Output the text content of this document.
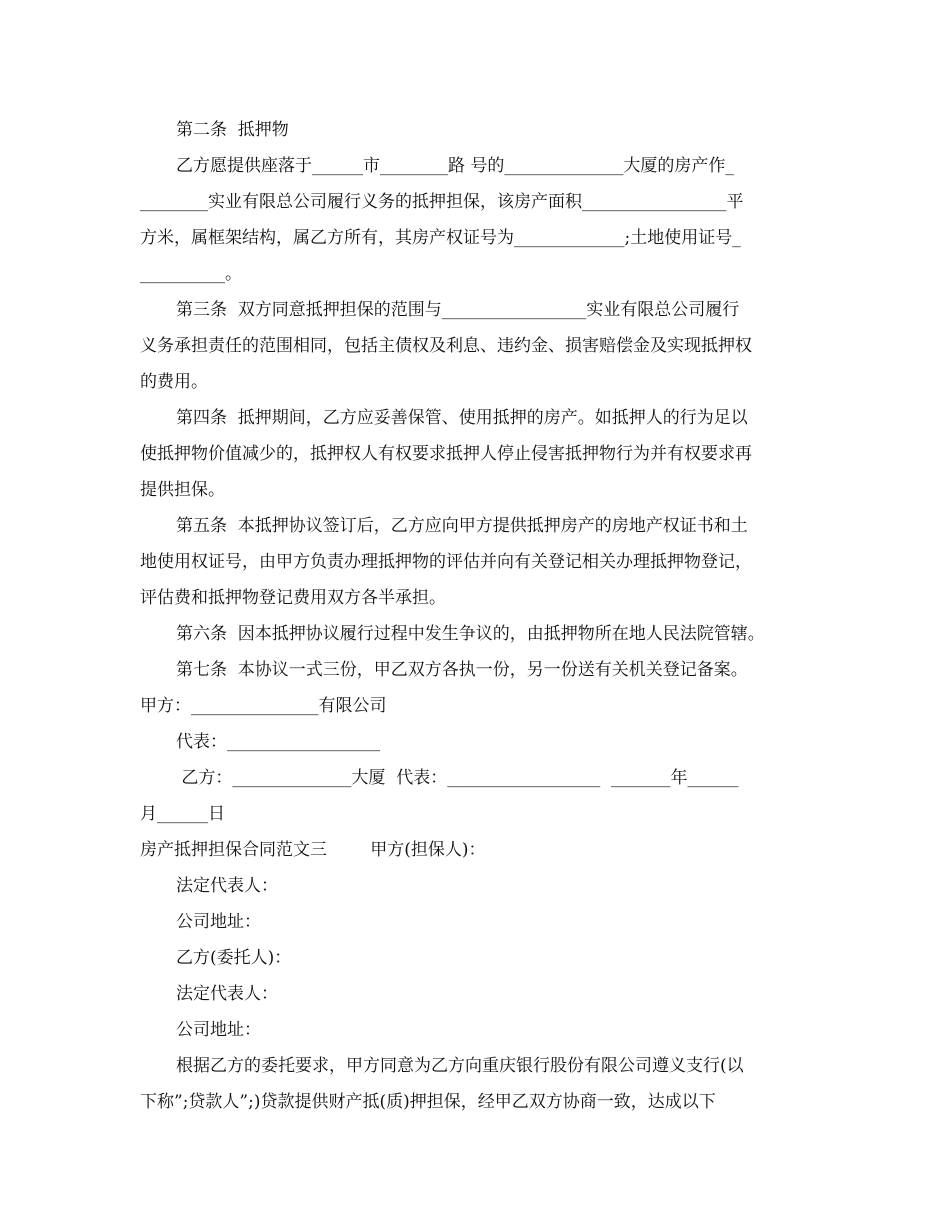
第二条  抵押物

乙方愿提供座落于______市________路 号的______________大厦的房产作_

________实业有限总公司履行义务的抵押担保，该房产面积_________________平

方米，属框架结构，属乙方所有，其房产权证号为_____________;土地使用证号_

__________。

第三条  双方同意抵押担保的范围与_________________实业有限总公司履行

义务承担责任的范围相同，包括主债权及利息、违约金、损害赔偿金及实现抵押权

的费用。

第四条  抵押期间，乙方应妥善保管、使用抵押的房产。如抵押人的行为足以

使抵押物价值减少的，抵押权人有权要求抵押人停止侵害抵押物行为并有权要求再

提供担保。

第五条  本抵押协议签订后，乙方应向甲方提供抵押房产的房地产权证书和土

地使用权证号，由甲方负责办理抵押物的评估并向有关登记相关办理抵押物登记，

评估费和抵押物登记费用双方各半承担。

第六条  因本抵押协议履行过程中发生争议的，由抵押物所在地人民法院管辖。

第七条  本协议一式三份，甲乙双方各执一份，另一份送有关机关登记备案。

甲方：_______________有限公司

代表：__________________

乙方：______________大厦  代表：__________________  _______年______

月______日

房产抵押担保合同范文三        甲方(担保人)：

法定代表人：

公司地址：

乙方(委托人)：

法定代表人：

公司地址：

根据乙方的委托要求，甲方同意为乙方向重庆银行股份有限公司遵义支行(以

下称”;贷款人”;)贷款提供财产抵(质)押担保，经甲乙双方协商一致，达成以下
